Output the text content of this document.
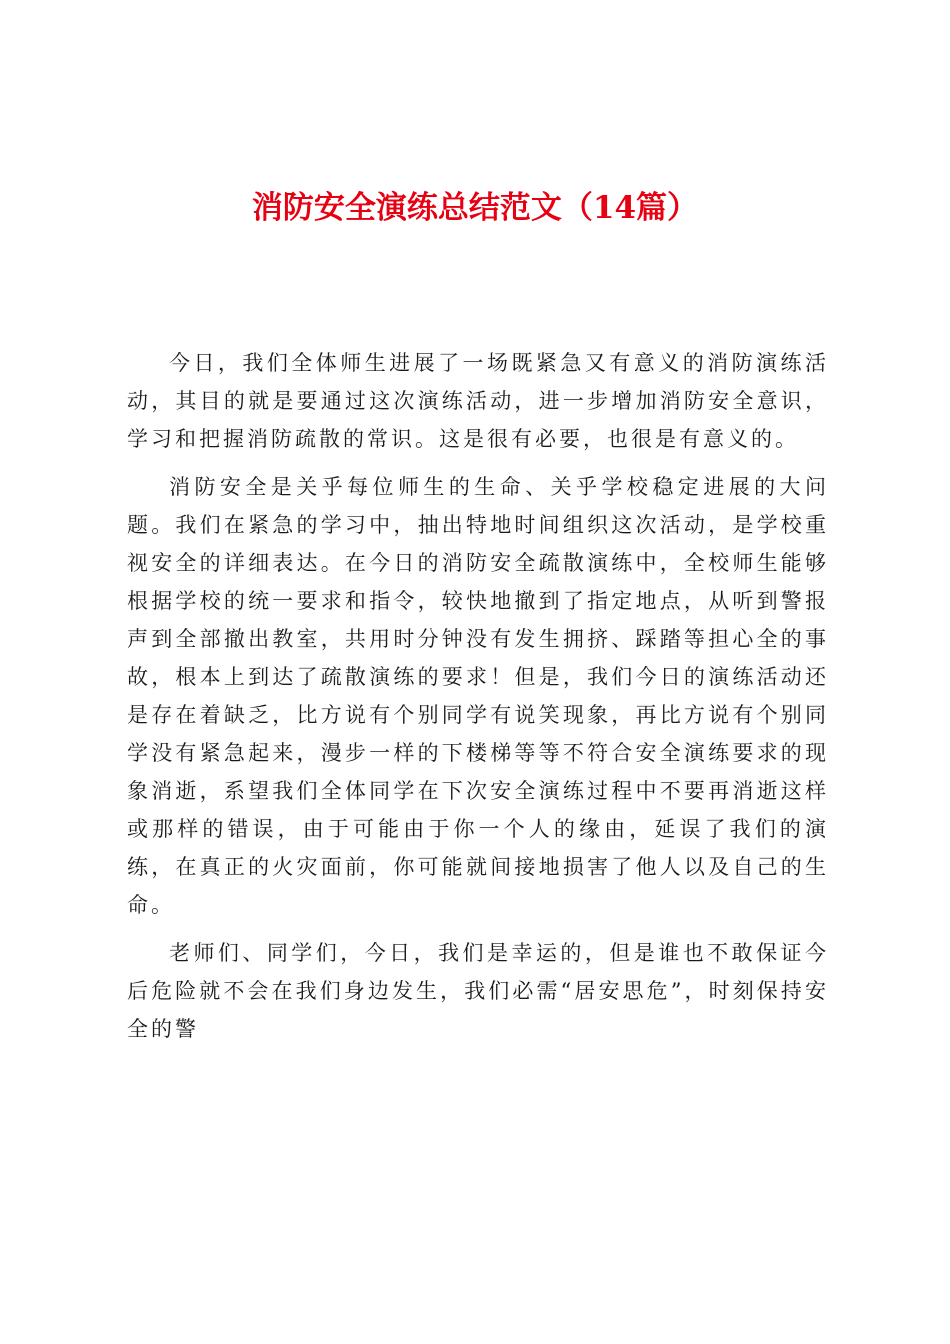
消防安全演练总结范文（14篇）

今日，我们全体师生进展了一场既紧急又有意义的消防演练活动，其目的就是要通过这次演练活动，进一步增加消防安全意识，学习和把握消防疏散的常识。这是很有必要，也很是有意义的。

消防安全是关乎每位师生的生命、关乎学校稳定进展的大问题。我们在紧急的学习中，抽出特地时间组织这次活动，是学校重视安全的详细表达。在今日的消防安全疏散演练中，全校师生能够根据学校的统一要求和指令，较快地撤到了指定地点，从听到警报声到全部撤出教室，共用时分钟没有发生拥挤、踩踏等担心全的事故，根本上到达了疏散演练的要求！但是，我们今日的演练活动还是存在着缺乏，比方说有个别同学有说笑现象，再比方说有个别同学没有紧急起来，漫步一样的下楼梯等等不符合安全演练要求的现象消逝，系望我们全体同学在下次安全演练过程中不要再消逝这样或那样的错误，由于可能由于你一个人的缘由，延误了我们的演练，在真正的火灾面前，你可能就间接地损害了他人以及自己的生命。

老师们、同学们，今日，我们是幸运的，但是谁也不敢保证今后危险就不会在我们身边发生，我们必需“居安思危”，时刻保持安全的警
